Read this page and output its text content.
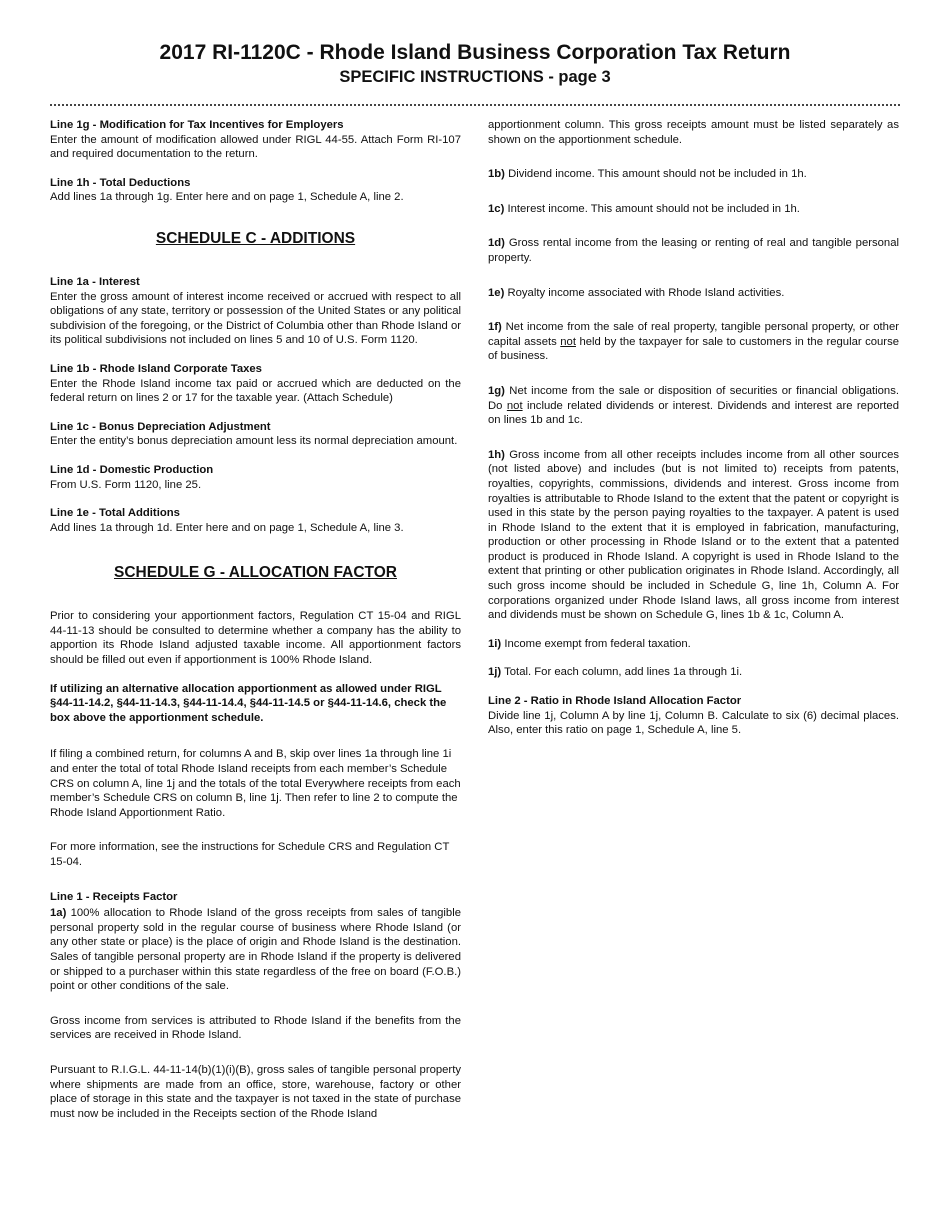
2017 RI-1120C - Rhode Island Business Corporation Tax Return

SPECIFIC INSTRUCTIONS - page 3

Line 1g - Modification for Tax Incentives for Employers

Enter the amount of modification allowed under RIGL 44-55. Attach Form RI-107 and required documentation to the return.

Line 1h - Total Deductions

Add lines 1a through 1g. Enter here and on page 1, Schedule A, line 2.

SCHEDULE C - ADDITIONS

Line 1a - Interest

Enter the gross amount of interest income received or accrued with respect to all obligations of any state, territory or possession of the United States or any political subdivision of the foregoing, or the District of Columbia other than Rhode Island or its political subdivisions not included on lines 5 and 10 of U.S. Form 1120.

Line 1b - Rhode Island Corporate Taxes

Enter the Rhode Island income tax paid or accrued which are deducted on the federal return on lines 2 or 17 for the taxable year. (Attach Schedule)

Line 1c - Bonus Depreciation Adjustment

Enter the entity’s bonus depreciation amount less its normal depreciation amount.

Line 1d - Domestic Production

From U.S. Form 1120, line 25.

Line 1e - Total Additions

Add lines 1a through 1d. Enter here and on page 1, Schedule A, line 3.

SCHEDULE G - ALLOCATION FACTOR

Prior to considering your apportionment factors, Regulation CT 15-04 and RIGL 44-11-13 should be consulted to determine whether a company has the ability to apportion its Rhode Island adjusted taxable income. All apportionment factors should be filled out even if apportionment is 100% Rhode Island.

If utilizing an alternative allocation apportionment as allowed under RIGL §44-11-14.2, §44-11-14.3, §44-11-14.4, §44-11-14.5 or §44-11-14.6, check the box above the apportionment schedule.

If filing a combined return, for columns A and B, skip over lines 1a through line 1i and enter the total of total Rhode Island receipts from each member’s Schedule CRS on column A, line 1j and the totals of the total Everywhere receipts from each member’s Schedule CRS on column B, line 1j. Then refer to line 2 to compute the Rhode Island Apportionment Ratio.

For more information, see the instructions for Schedule CRS and Regulation CT 15-04.

Line 1 - Receipts Factor

1a) 100% allocation to Rhode Island of the gross receipts from sales of tangible personal property sold in the regular course of business where Rhode Island (or any other state or place) is the place of origin and Rhode Island is the destination. Sales of tangible personal property are in Rhode Island if the property is delivered or shipped to a purchaser within this state regardless of the free on board (F.O.B.) point or other conditions of the sale.

Gross income from services is attributed to Rhode Island if the benefits from the services are received in Rhode Island.

Pursuant to R.I.G.L. 44-11-14(b)(1)(i)(B), gross sales of tangible personal property where shipments are made from an office, store, warehouse, factory or other place of storage in this state and the taxpayer is not taxed in the state of purchase must now be included in the Receipts section of the Rhode Island

apportionment column. This gross receipts amount must be listed separately as shown on the apportionment schedule.

1b) Dividend income. This amount should not be included in 1h.

1c) Interest income. This amount should not be included in 1h.

1d) Gross rental income from the leasing or renting of real and tangible personal property.

1e) Royalty income associated with Rhode Island activities.

1f) Net income from the sale of real property, tangible personal property, or other capital assets not held by the taxpayer for sale to customers in the regular course of business.

1g) Net income from the sale or disposition of securities or financial obligations. Do not include related dividends or interest. Dividends and interest are reported on lines 1b and 1c.

1h) Gross income from all other receipts includes income from all other sources (not listed above) and includes (but is not limited to) receipts from patents, royalties, copyrights, commissions, dividends and interest. Gross income from royalties is attributable to Rhode Island to the extent that the patent or copyright is used in this state by the person paying royalties to the taxpayer. A patent is used in Rhode Island to the extent that it is employed in fabrication, manufacturing, production or other processing in Rhode Island or to the extent that a patented product is produced in Rhode Island. A copyright is used in Rhode Island to the extent that printing or other publication originates in Rhode Island. Accordingly, all such gross income should be included in Schedule G, line 1h, Column A. For corporations organized under Rhode Island laws, all gross income from interest and dividends must be shown on Schedule G, lines 1b & 1c, Column A.

1i) Income exempt from federal taxation.

1j) Total. For each column, add lines 1a through 1i.

Line 2 - Ratio in Rhode Island Allocation Factor

Divide line 1j, Column A by line 1j, Column B. Calculate to six (6) decimal places. Also, enter this ratio on page 1, Schedule A, line 5.
